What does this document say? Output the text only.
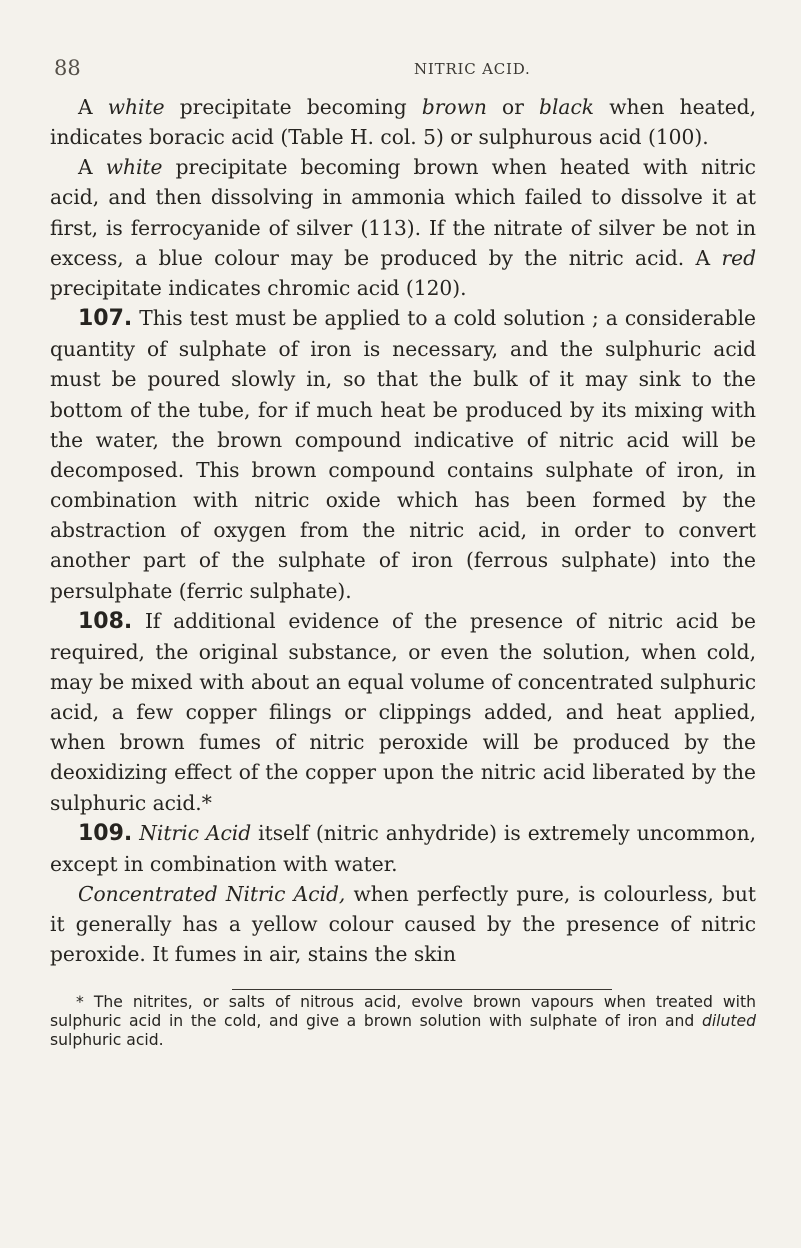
88	NITRIC ACID.

A white precipitate becoming brown or black when heated, indicates boracic acid (Table H. col. 5) or sulphurous acid (100).

A white precipitate becoming brown when heated with nitric acid, and then dissolving in ammonia which failed to dissolve it at first, is ferrocyanide of silver (113). If the nitrate of silver be not in excess, a blue colour may be produced by the nitric acid. A red precipitate indicates chromic acid (120).

107. This test must be applied to a cold solution ; a considerable quantity of sulphate of iron is necessary, and the sulphuric acid must be poured slowly in, so that the bulk of it may sink to the bottom of the tube, for if much heat be produced by its mixing with the water, the brown compound indicative of nitric acid will be decomposed. This brown compound contains sulphate of iron, in combination with nitric oxide which has been formed by the abstraction of oxygen from the nitric acid, in order to convert another part of the sulphate of iron (ferrous sulphate) into the persulphate (ferric sulphate).

108. If additional evidence of the presence of nitric acid be required, the original substance, or even the solution, when cold, may be mixed with about an equal volume of concentrated sulphuric acid, a few copper filings or clippings added, and heat applied, when brown fumes of nitric peroxide will be produced by the deoxidizing effect of the copper upon the nitric acid liberated by the sulphuric acid.*

109. Nitric Acid itself (nitric anhydride) is extremely uncommon, except in combination with water.

Concentrated Nitric Acid, when perfectly pure, is colourless, but it generally has a yellow colour caused by the presence of nitric peroxide. It fumes in air, stains the skin

* The nitrites, or salts of nitrous acid, evolve brown vapours when treated with sulphuric acid in the cold, and give a brown solution with sulphate of iron and diluted sulphuric acid.
